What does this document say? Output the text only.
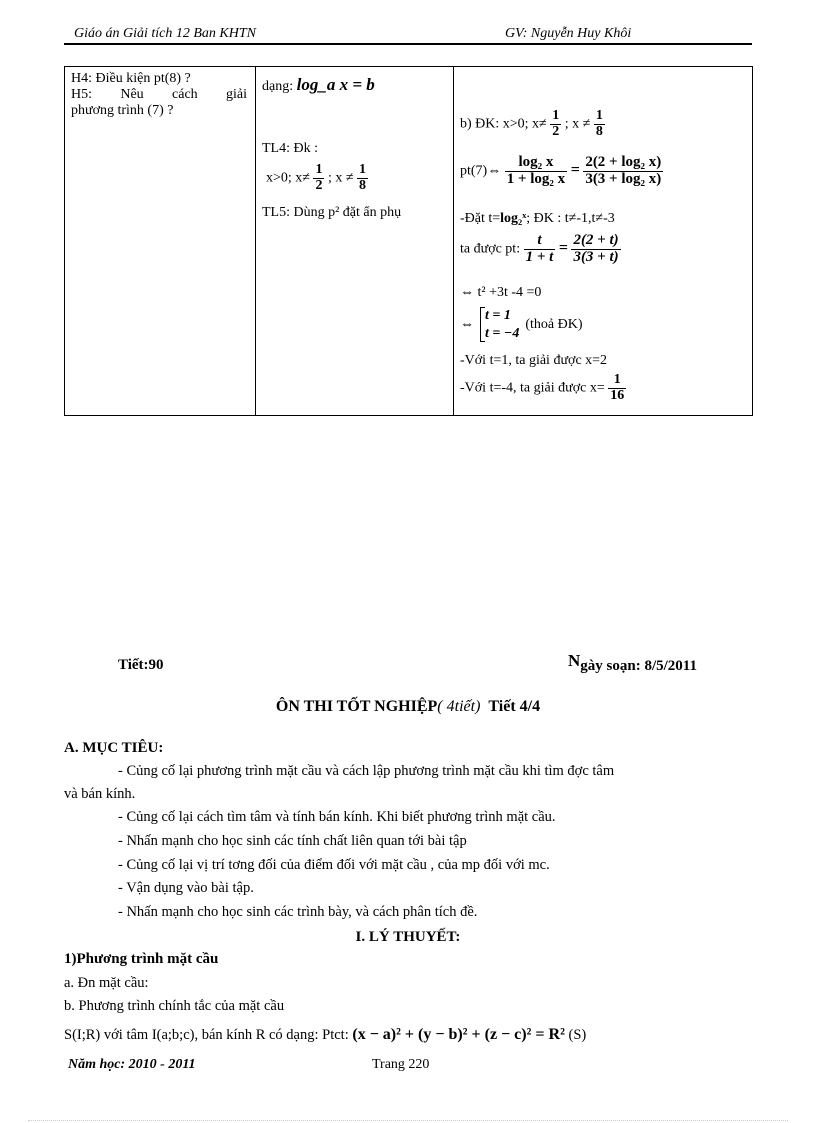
Giáo án Giải tích 12 Ban KHTN	GV: Nguyễn Huy Khôi
H4: Điều kiện pt(8) ?
H5: Nêu cách giải
phương trình (7) ?

dạng: log_a x = b
TL4: Đk :
x>0; $x\ne \frac{1}{2}$ ; $x \ne \frac{1}{8}$
TL5: Dùng p² đặt ẩn phụ

b) ĐK: x>0; $x\ne \frac{1}{2}$ ; $x \ne \frac{1}{8}$
pt(7)⇔ $\frac{\text{log₂ x}}{\text{1 + log₂ x}} = \frac{\text{2(2 + log₂ x)}}{\text{3(3 + log₂ x)}}$
-Đặt t=log₂ˣ; ĐK : t≠-1,t≠-3
ta được pt: $\frac{t}{1 + t} = \frac{2(2 + t)}{3(3 + t)}$
⇔ t² +3t -4 =0
⇔
t = 1
t = −4
(thoả ĐK)
-Với t=1, ta giải được x=2
-Với t=-4, ta giải được $x= \frac{1}{16}$
Tiết:90	Ngày soạn: 8/5/2011
ÔN THI TỐT NGHIỆP( 4tiết) Tiết 4/4
A. MỤC TIÊU:
- Củng cố lại phương trình mặt cầu và cách lập phương trình mặt cầu khi tìm đợc tâm
và bán kính.
- Củng cố lại cách tìm tâm và tính bán kính. Khi biết phương trình mặt cầu.
- Nhấn mạnh cho học sinh các tính chất liên quan tới bài tập
- Củng cố lại vị trí tơng đối của điểm đối với mặt cầu , của mp đối với mc.
- Vận dụng vào bài tập.
- Nhấn mạnh cho học sinh các trình bày, và cách phân tích đề.
I. LÝ THUYẾT:
1)Phương trình mặt cầu
a. Đn mặt cầu:
b. Phương trình chính tắc của mặt cầu
S(I;R) với tâm I(a;b;c), bán kính R có dạng: Ptct: (x − a)² + (y − b)² + (z − c)² = R² (S)
Năm học: 2010 - 2011	Trang 220
